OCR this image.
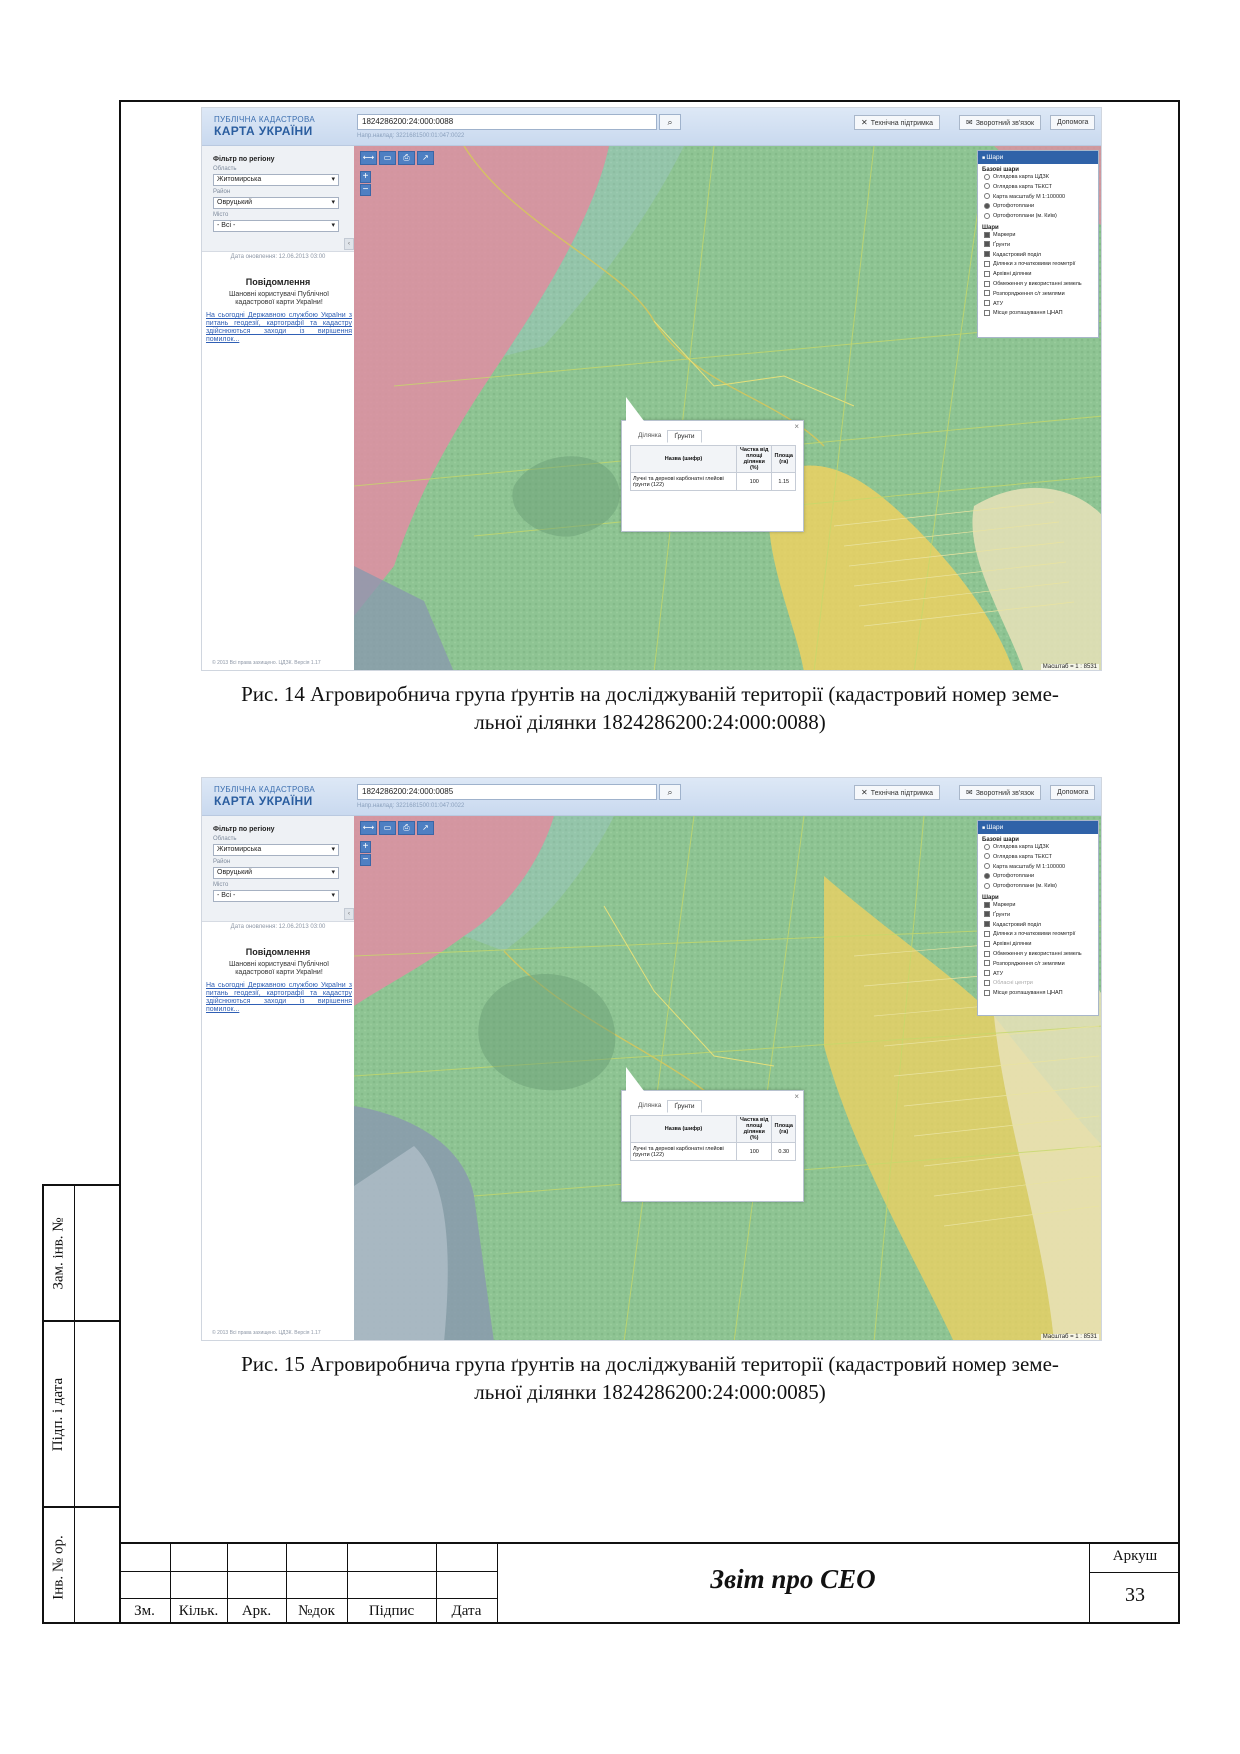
Зам. інв. №
Підп. і дата
Інв. № ор.
ПУБЛІЧНА КАДАСТРОВА
КАРТА УКРАЇНИ
1824286200:24:000:0088	⌕
Напр.наклад: 3221681500:01:047:0022
✕ Технічна підтримка	✉ Зворотний зв'язок	Допомога
Фільтр по регіону
Область
Житомирська ▾
Район
Овруцький ▾
Місто
- Всі - ▾
‹
Дата оновлення: 12.06.2013 03:00
Повідомлення
Шановні користувачі Публічної кадастрової карти України!
На сьогодні Державною службою України з питань геодезії, картографії та кадастру здійснюються заходи із вирішення помилок...
© 2013 Всі права захищено. ЦДЗК. Версія 1.17
⟷	▭	⎙	↗
+
−
■ Шари
Базові шари
Оглядова карта ЦДЗК
Оглядова карта ТЕКСТ
Карта масштабу М 1:100000
Ортофотоплани
Ортофотоплани (м. Київ)
Шари
Маркери
Ґрунти
Кадастровий поділ
Ділянки з початковими геометрії
Архівні ділянки
Обмеження у використанні земель
Розпорядження с/г землями
АТУ
Місце розташування ЦНАП
×
Ділянка	Ґрунти
Назва (шифр)	Частка від площі ділянки (%)	Площа (га)
Лучні та дернові карбонатні глейові ґрунти (122)	100	1.15
Масштаб = 1 : 8531
Рис. 14 Агровиробнича група ґрунтів на досліджуваній території (кадастровий номер земе-
льної ділянки 1824286200:24:000:0088)
ПУБЛІЧНА КАДАСТРОВА
КАРТА УКРАЇНИ
1824286200:24:000:0085	⌕
Напр.наклад: 3221681500:01:047:0022
✕ Технічна підтримка	✉ Зворотний зв'язок	Допомога
Фільтр по регіону
Область
Житомирська ▾
Район
Овруцький ▾
Місто
- Всі - ▾
‹
Дата оновлення: 12.06.2013 03:00
Повідомлення
Шановні користувачі Публічної кадастрової карти України!
На сьогодні Державною службою України з питань геодезії, картографії та кадастру здійснюються заходи із вирішення помилок...
© 2013 Всі права захищено. ЦДЗК. Версія 1.17
⟷	▭	⎙	↗
+
−
■ Шари
Базові шари
Оглядова карта ЦДЗК
Оглядова карта ТЕКСТ
Карта масштабу М 1:100000
Ортофотоплани
Ортофотоплани (м. Київ)
Шари
Маркери
Ґрунти
Кадастровий поділ
Ділянки з початковими геометрії
Архівні ділянки
Обмеження у використанні земель
Розпорядження с/г землями
АТУ
Обласні центри
Місце розташування ЦНАП
×
Ділянка	Ґрунти
Назва (шифр)	Частка від площі ділянки (%)	Площа (га)
Лучні та дернові карбонатні глейові ґрунти (122)	100	0.30
Масштаб = 1 : 8531
Рис. 15 Агровиробнича група ґрунтів на досліджуваній території (кадастровий номер земе-
льної ділянки 1824286200:24:000:0085)
Зм.	Кільк.	Арк.	№док	Підпис	Дата
Звіт про СЕО
Аркуш
33
